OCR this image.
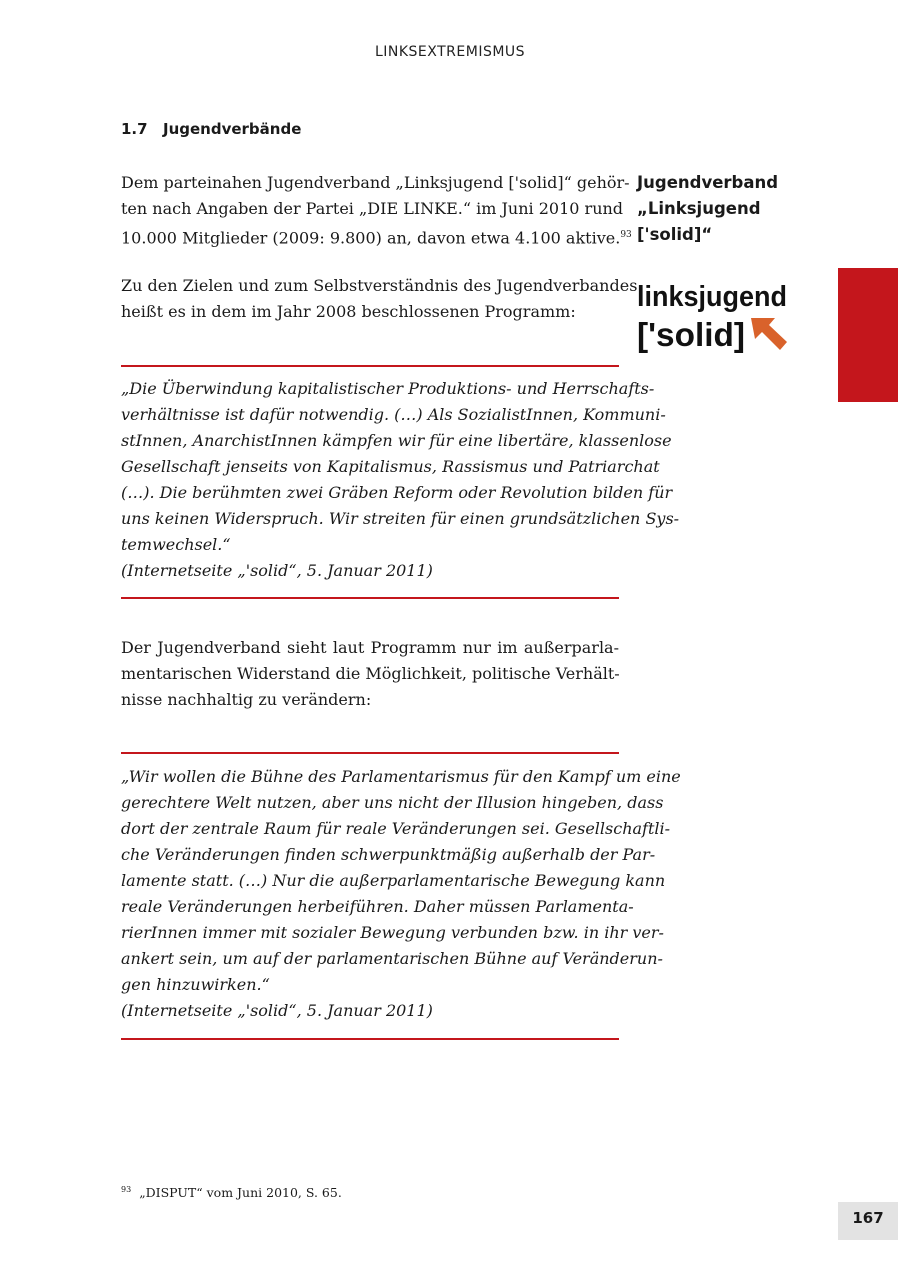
LINKSEXTREMISMUS
1.7 Jugendverbände
Dem parteinahen Jugendverband „Linksjugend ['solid]“ gehör-
ten nach Angaben der Partei „DIE LINKE.“ im Juni 2010 rund
10.000 Mitglieder (2009: 9.800) an, davon etwa 4.100 aktive.$^{93}$
Zu den Zielen und zum Selbstverständnis des Jugendverbandes
heißt es in dem im Jahr 2008 beschlossenen Programm:
„Die Überwindung kapitalistischer Produktions- und Herrschafts-
verhältnisse ist dafür notwendig. (…) Als SozialistInnen, Kommuni-
stInnen, AnarchistInnen kämpfen wir für eine libertäre, klassenlose
Gesellschaft jenseits von Kapitalismus, Rassismus und Patriarchat
(…). Die berühmten zwei Gräben Reform oder Revolution bilden für
uns keinen Widerspruch. Wir streiten für einen grundsätzlichen Sys-
temwechsel.“
(Internetseite „'solid“, 5. Januar 2011)
Der Jugendverband sieht laut Programm nur im außerparla-
mentarischen Widerstand die Möglichkeit, politische Verhält-
nisse nachhaltig zu verändern:
„Wir wollen die Bühne des Parlamentarismus für den Kampf um eine
gerechtere Welt nutzen, aber uns nicht der Illusion hingeben, dass
dort der zentrale Raum für reale Veränderungen sei. Gesellschaftli-
che Veränderungen finden schwerpunktmäßig außerhalb der Par-
lamente statt. (…) Nur die außerparlamentarische Bewegung kann
reale Veränderungen herbeiführen. Daher müssen Parlamenta-
rierInnen immer mit sozialer Bewegung verbunden bzw. in ihr ver-
ankert sein, um auf der parlamentarischen Bühne auf Veränderun-
gen hinzuwirken.“
(Internetseite „'solid“, 5. Januar 2011)
Jugendverband
„Linksjugend
['solid]“
linksjugend
['solid]
$^{93}$ „DISPUT“ vom Juni 2010, S. 65.
167
